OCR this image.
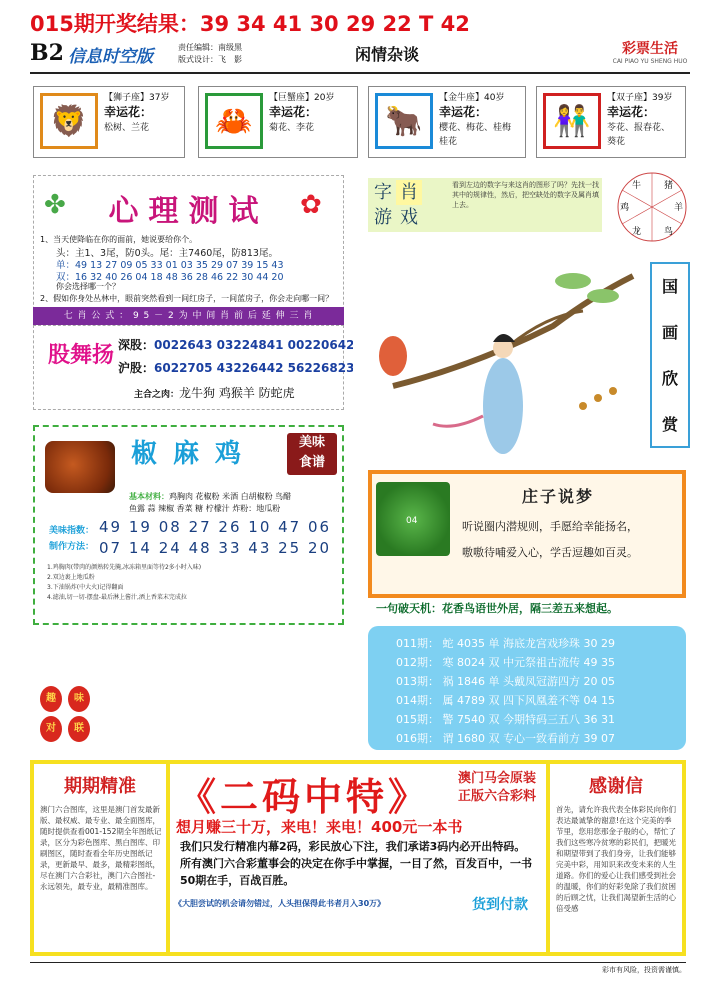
015期开奖结果：39 34 41 30 29 22 T 42
B2 信息时空版	责任编辑：南级黑
版式设计：飞　影	闲情杂谈	彩票生活
CAI PIAO YU SHENG HUO
🦁
【狮子座】37岁
幸运花：
松树、兰花	🦀
【巨蟹座】20岁
幸运花：
菊花、李花	🐂
【金牛座】40岁
幸运花：
樱花、梅花、桂梅
桂花
👫
【双子座】39岁
幸运花：
苓花、报春花、
葵花
✤	心理测试	✿
1、当天使降临在你的面前，她说要给你个。
头：主1、3尾，防0头。尾：主7460尾，防813尾。
单：49 13 27 09 05 33 01 03 35 29 07 39 15 43
双：16 32 40 26 04 18 48 36 28 46 22 30 44 20
你会选择哪一个？
2、假如你身处丛林中，眼前突然看到一间红房子，一间蓝房子，你会走向哪一间？
七 肖 公 式 ： 9 5 － 2 为 中 间 肖 前 后 延 伸 三 肖
股舞扬 深股：0022643 03224841 00220642 (双)
沪股：6022705 43226442 56226823
主合之肉：龙牛狗 鸡猴羊 防蛇虎
椒麻鸡	美味
食谱
基本材料：鸡胸肉 花椒粉 米酒 白胡椒粉 鸟醋
鱼露 蒜 辣椒 香菜 糖 柠檬汁 炸粉：地瓜粉
美味指数： 49 19 08 27 26 10 47 06
制作方法： 07 14 24 48 33 43 25 20
1.鸡胸肉(带肉的颜熟转先腌,冰冻箱里面等待2多小时入味)
2.双边裹上地瓜粉
3.下油锅炸(中大火)记得翻面
4.滤油,切一切-摆盘-最后淋上酱汁,洒上香菜末完成拉
趣	味
对	联
字 肖
游 戏
看到左边的数字与来这肖的图形了吗？先找一找其中的规律性，然后，把空缺处的数字及属肖填上去。
牛	猪
羊
鸟
龙
鸡
国
画
欣
赏
04
庄子说梦
听说圈内潜规则，手愿给幸能扬名，
嗷嗷待哺爱入心，学舌逗趣如百灵。
一句破天机：花香鸟语世外居，隔三差五来想起。
011期： 蛇 4035 单 海底龙宫戏珍珠 30 29
012期： 寒 8024 双 中元祭祖古流传 49 35
013期： 祸 1846 单 头戴凤冠游四方 20 05
014期： 属 4789 双 四下风凰羞不等 04 15
015期： 警 7540 双 今期特码三五八 36 31
016期： 谓 1680 双 专心一致看前方 39 07
期期精准
澳门六合图库，这里是澳门首发最新版、最权威、最专业、最全面图库，随时提供查看001-152期全年图纸记录，区分为彩色图库、黑白图库、印刷图区，随时查看全年历史图纸记录，更新最早、最多，最精彩图纸，尽在澳门六合彩社，澳门六合图社-永远领先，最专业，最精准图库。
《二码中特》	澳门马会原装
正版六合彩料
想月赚三十万，来电！来电！400元一本书
我们只发行精准内幕2码，彩民放心下注，我们承诺3码内必开出特码。所有澳门六合彩董事会的决定在你手中掌握，一目了然，百发百中，一书50期在手，百战百胜。
《大胆尝试的机会请勿错过，人头担保得此书者月入30万》	货到付款
感谢信
首先，请允许我代表全体彩民向你们表达最诚挚的谢意!在这个完美的季节里，您用您那金子般的心，帮忙了我们这些寒冷贫寒的彩民们，把暖光和期望带到了我们身旁，让我们能够完美中彩，用知识来改变未来的人生道路。你们的爱心让我们感受到社会的温暖，你们的好彩免除了我们贫困的后顾之忧，让我们渴望新生活的心倍受感
彩市有风险，投资需谨慎。
